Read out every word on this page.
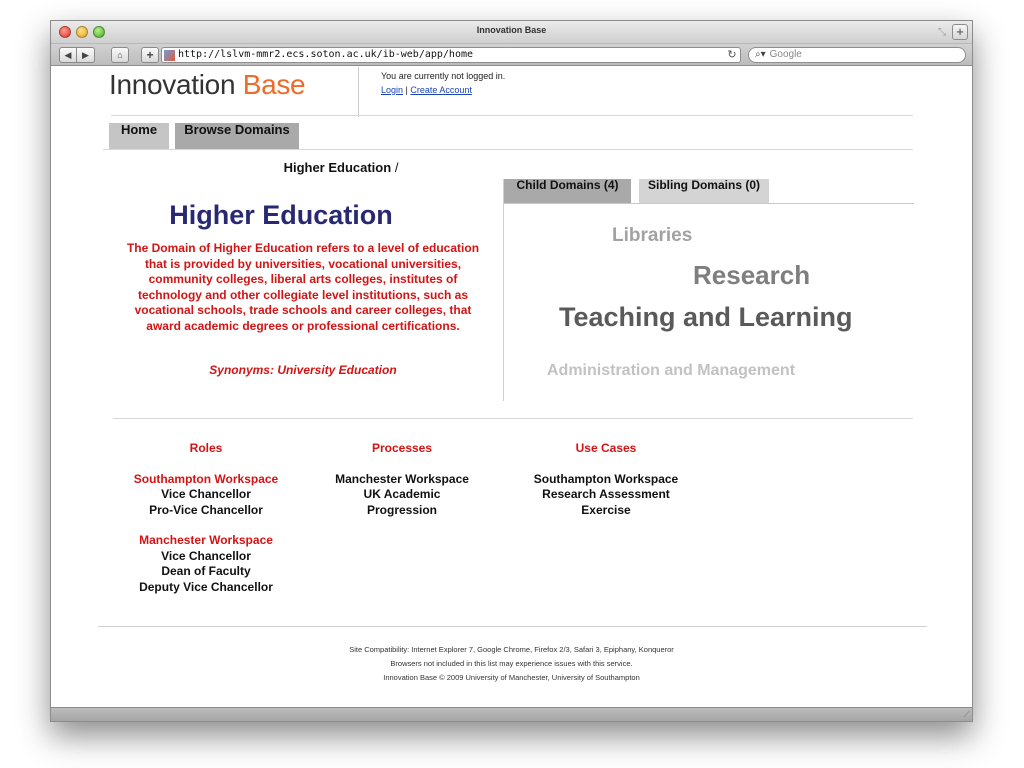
Innovation Base	⤡ +
◀ ▶	⌂ + http://lslvm-mmr2.ecs.soton.ac.uk/ib-web/app/home	↻	⌕▾ Google
Innovation Base	You are currently not logged in.
Login | Create Account
Home	Browse Domains
Higher Education /
Higher Education
The Domain of Higher Education refers to a level of education that is provided by universities, vocational universities, community colleges, liberal arts colleges, institutes of technology and other collegiate level institutions, such as vocational schools, trade schools and career colleges, that award academic degrees or professional certifications.
Synonyms: University Education
Child Domains (4)	Sibling Domains (0)
Libraries
Research
Teaching and Learning
Administration and Management
Roles
Southampton Workspace
Vice Chancellor
Pro-Vice Chancellor
Manchester Workspace
Vice Chancellor
Dean of Faculty
Deputy Vice Chancellor
Processes
Manchester Workspace
UK Academic Progression
Use Cases
Southampton Workspace
Research Assessment Exercise
Site Compatibility: Internet Explorer 7, Google Chrome, Firefox 2/3, Safari 3, Epiphany, Konqueror
Browsers not included in this list may experience issues with this service.
Innovation Base © 2009 University of Manchester, University of Southampton
⟋
